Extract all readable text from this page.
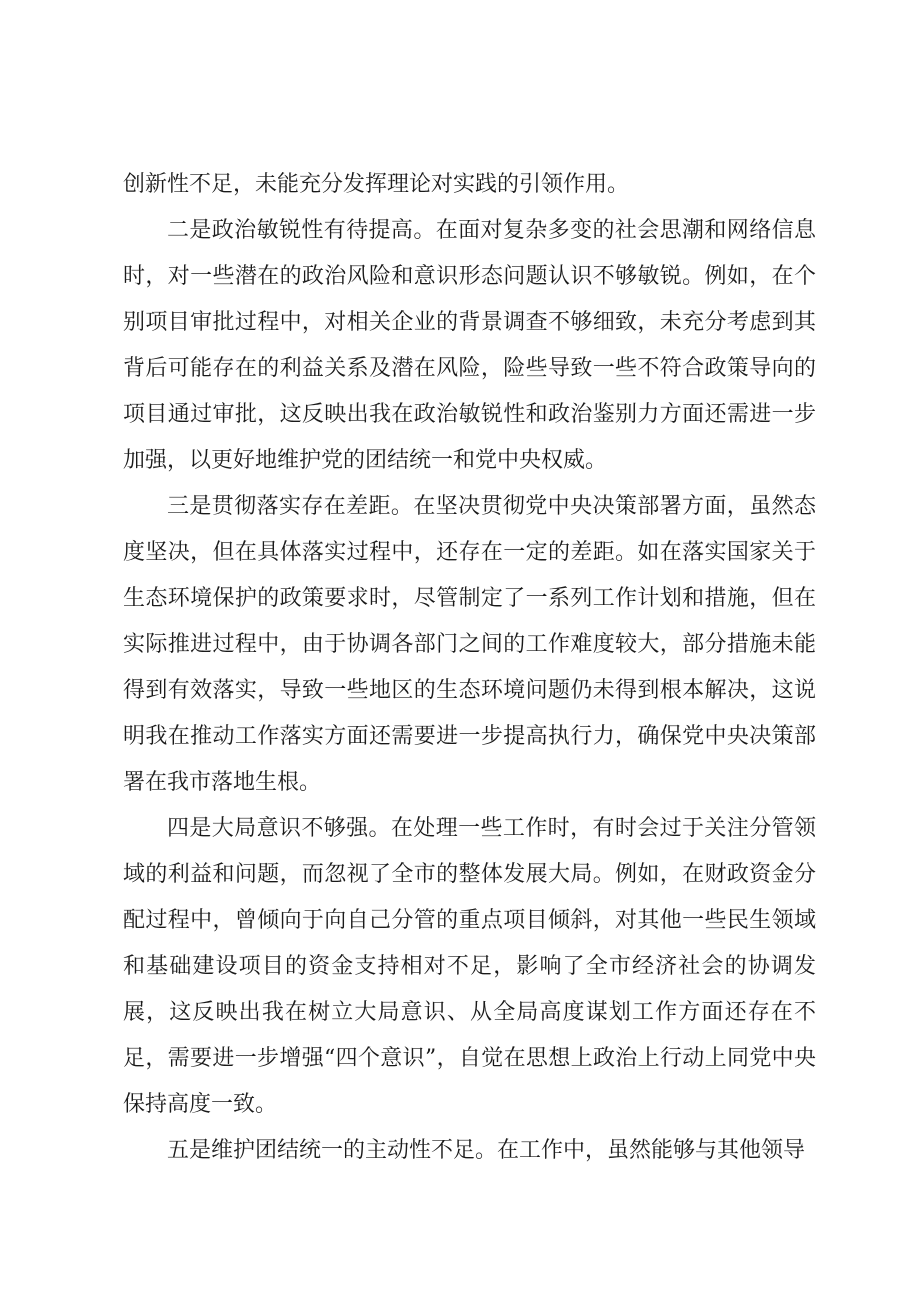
创新性不足，未能充分发挥理论对实践的引领作用。

二是政治敏锐性有待提高。在面对复杂多变的社会思潮和网络信息时，对一些潜在的政治风险和意识形态问题认识不够敏锐。例如，在个别项目审批过程中，对相关企业的背景调查不够细致，未充分考虑到其背后可能存在的利益关系及潜在风险，险些导致一些不符合政策导向的项目通过审批，这反映出我在政治敏锐性和政治鉴别力方面还需进一步加强，以更好地维护党的团结统一和党中央权威。

三是贯彻落实存在差距。在坚决贯彻党中央决策部署方面，虽然态度坚决，但在具体落实过程中，还存在一定的差距。如在落实国家关于生态环境保护的政策要求时，尽管制定了一系列工作计划和措施，但在实际推进过程中，由于协调各部门之间的工作难度较大，部分措施未能得到有效落实，导致一些地区的生态环境问题仍未得到根本解决，这说明我在推动工作落实方面还需要进一步提高执行力，确保党中央决策部署在我市落地生根。

四是大局意识不够强。在处理一些工作时，有时会过于关注分管领域的利益和问题，而忽视了全市的整体发展大局。例如，在财政资金分配过程中，曾倾向于向自己分管的重点项目倾斜，对其他一些民生领域和基础建设项目的资金支持相对不足，影响了全市经济社会的协调发展，这反映出我在树立大局意识、从全局高度谋划工作方面还存在不足，需要进一步增强“四个意识”，自觉在思想上政治上行动上同党中央保持高度一致。

五是维护团结统一的主动性不足。在工作中，虽然能够与其他领导
